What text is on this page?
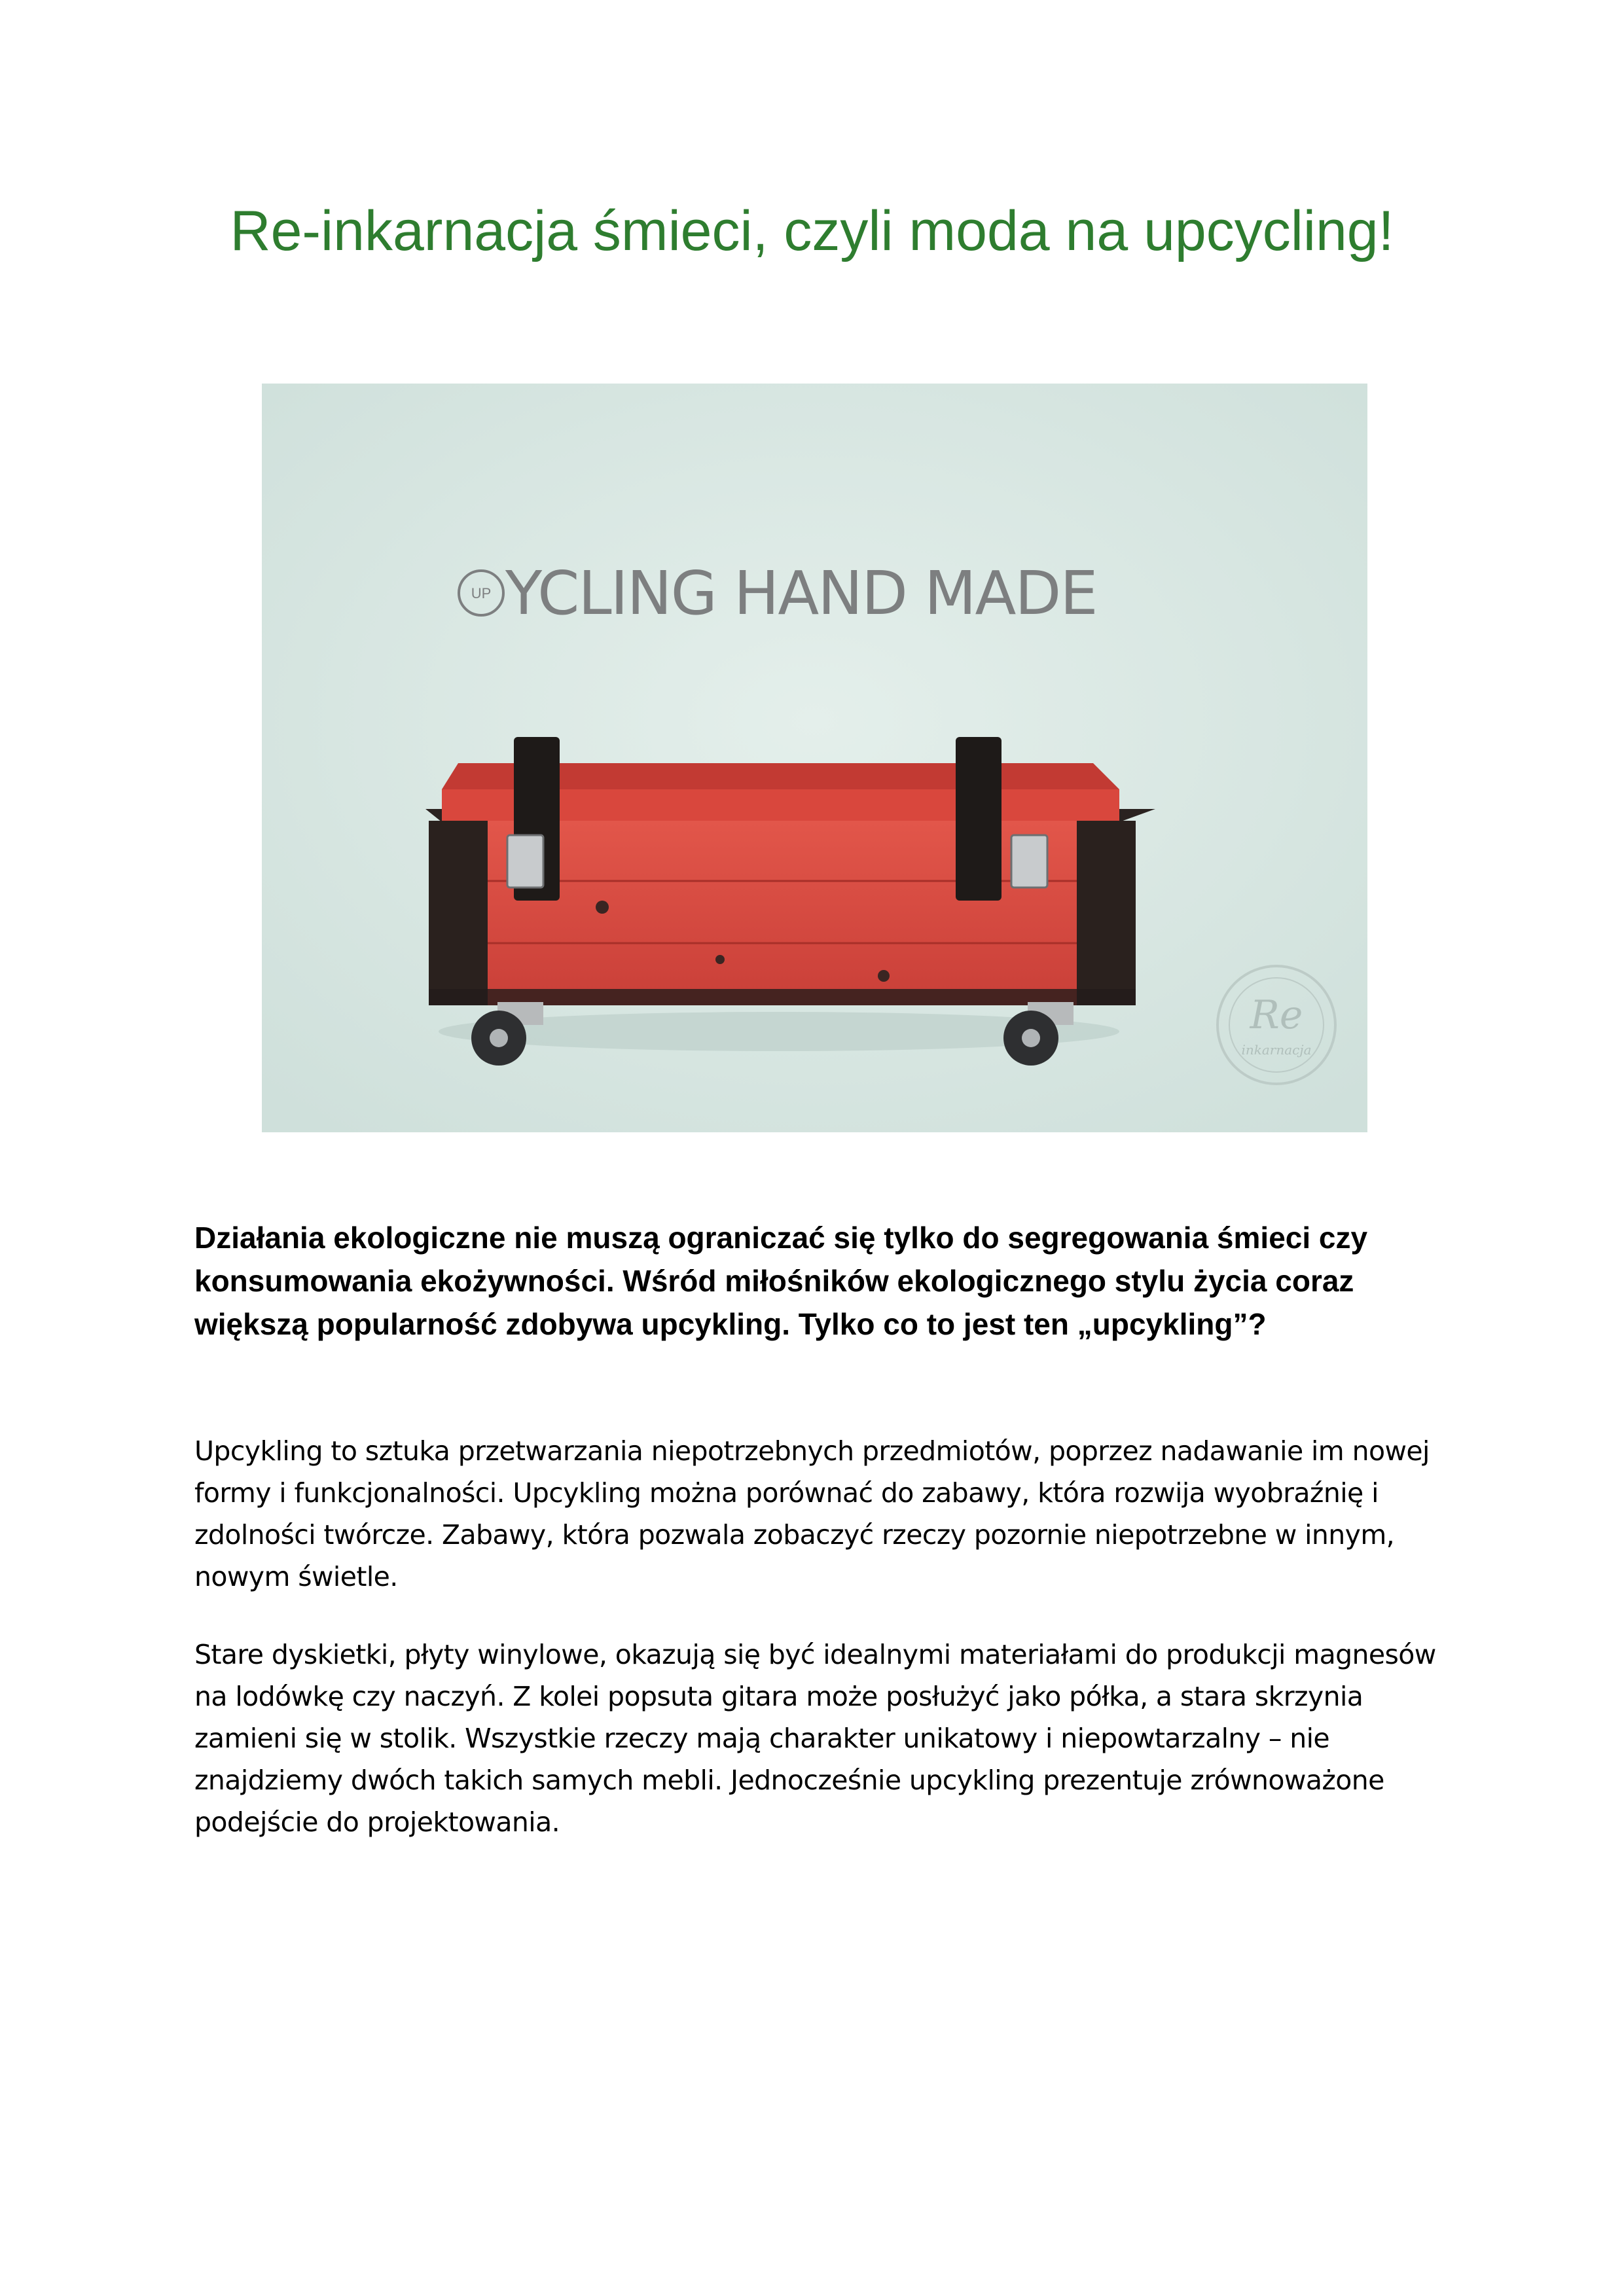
Re-inkarnacja śmieci, czyli moda na upcycling!
UP YCLING HAND MADE
Re
inkarnacja

Działania ekologiczne nie muszą ograniczać się tylko do segregowania śmieci czy konsumowania ekożywności. Wśród miłośników ekologicznego stylu życia coraz większą popularność zdobywa upcykling. Tylko co to jest ten „upcykling”?

Upcykling to sztuka przetwarzania niepotrzebnych przedmiotów, poprzez nadawanie im nowej formy i funkcjonalności. Upcykling można porównać do zabawy, która rozwija wyobraźnię i zdolności twórcze. Zabawy, która pozwala zobaczyć rzeczy pozornie niepotrzebne w innym, nowym świetle.

Stare dyskietki, płyty winylowe, okazują się być idealnymi materiałami do produkcji magnesów na lodówkę czy naczyń. Z kolei popsuta gitara może posłużyć jako półka, a stara skrzynia zamieni się w stolik. Wszystkie rzeczy mają charakter unikatowy i niepowtarzalny – nie znajdziemy dwóch takich samych mebli. Jednocześnie upcykling prezentuje zrównoważone podejście do projektowania.
